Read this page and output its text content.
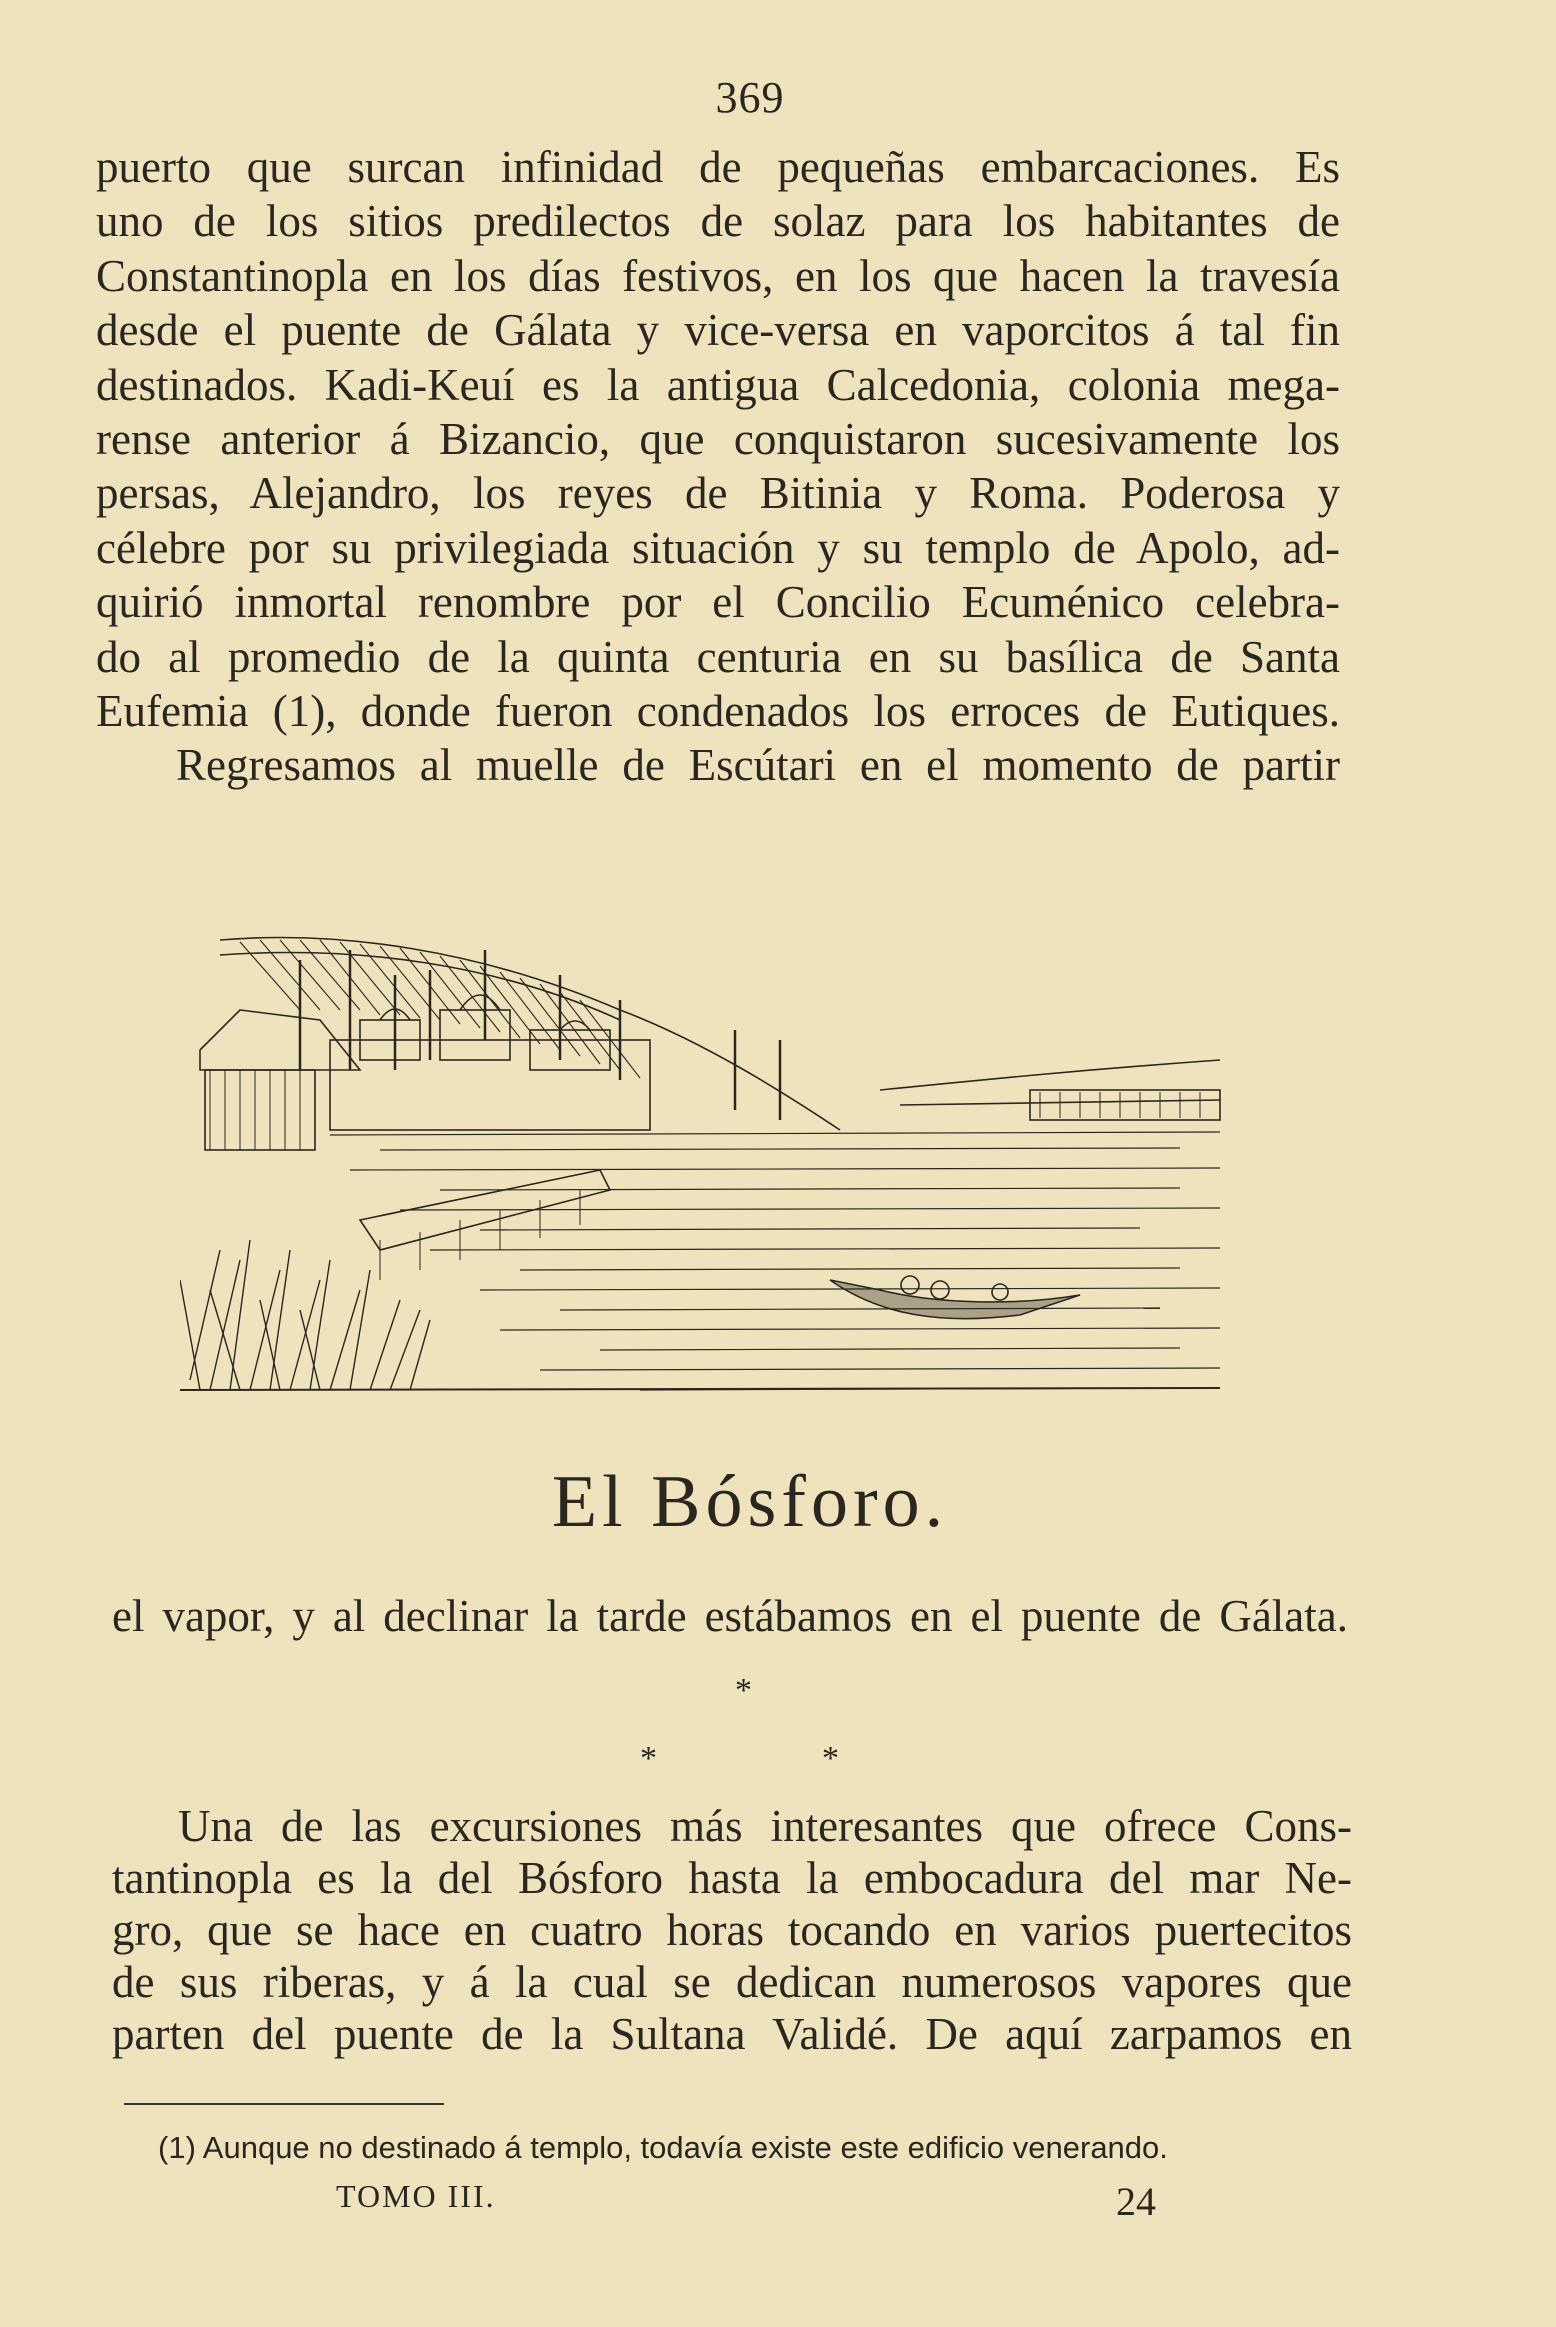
369
puerto que surcan infinidad de pequeñas embarcaciones. Es
uno de los sitios predilectos de solaz para los habitantes de
Constantinopla en los días festivos, en los que hacen la travesía
desde el puente de Gálata y vice-versa en vaporcitos á tal fin
destinados. Kadi-Keuí es la antigua Calcedonia, colonia mega-
rense anterior á Bizancio, que conquistaron sucesivamente los
persas, Alejandro, los reyes de Bitinia y Roma. Poderosa y
célebre por su privilegiada situación y su templo de Apolo, ad-
quirió inmortal renombre por el Concilio Ecuménico celebra-
do al promedio de la quinta centuria en su basílica de Santa
Eufemia (1), donde fueron condenados los erroces de Eutiques.
Regresamos al muelle de Escútari en el momento de partir
El Bósforo.
el vapor, y al declinar la tarde estábamos en el puente de Gálata.
*
*	*
Una de las excursiones más interesantes que ofrece Cons-
tantinopla es la del Bósforo hasta la embocadura del mar Ne-
gro, que se hace en cuatro horas tocando en varios puertecitos
de sus riberas, y á la cual se dedican numerosos vapores que
parten del puente de la Sultana Validé. De aquí zarpamos en
(1) Aunque no destinado á templo, todavía existe este edificio venerando.
TOMO III.	24
